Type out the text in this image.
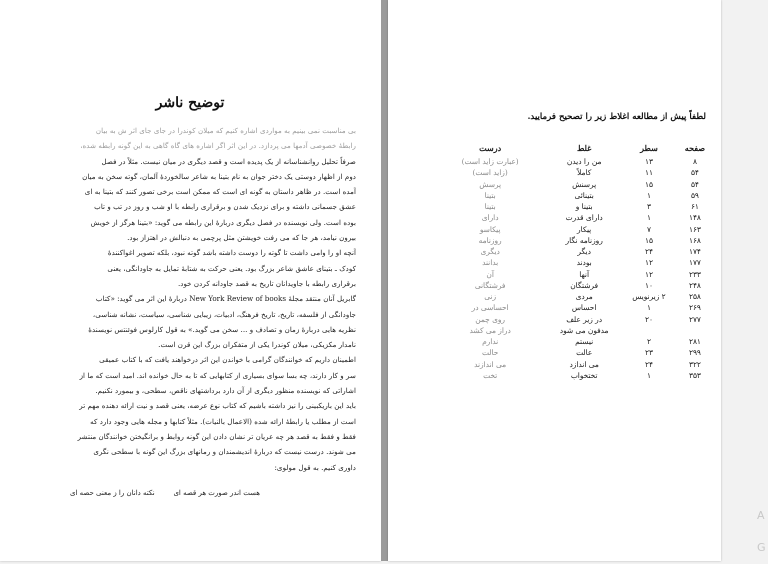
توضیح ناشر
بی مناسبت نمی بینیم به مواردی اشاره کنیم که میلان کوندرا در جای جای اثر ش به بیان
رابطهٔ خصوصی آدمها می پردازد. در این اثر اگر اشاره های گاه گاهی به این گونه رابطه شده،
صرفاً تحلیل روانشناسانه از یک پدیده است و قصد دیگری در میان نیست. مثلاً در فصل
دوم از اظهار دوستی یک دختر جوان به نام بتینا به شاعر سالخوردهٔ آلمان، گوته سخن به میان
آمده است. در ظاهر داستان به گونه ای است که ممکن است برخی تصور کنند که بتینا به ای
عشق جسمانی داشته و برای نزدیک شدن و برقراری رابطه با او شب و روز در تب و تاب
بوده است. ولی نویسنده در فصل دیگری دربارهٔ این رابطه می گوید: «بتینا هرگز از خویش
بیرون نیامد، هر جا که می رفت خویشتن مثل پرچمی به دنبالش در اهتزاز بود.
آنچه او را وامی داشت تا گوته را دوست داشته باشد گوته نبود، بلکه تصویر اغواکنندهٔ
کودک ـ بتینای عاشق شاعر بزرگ بود. یعنی حرکت به شتابهٔ تمایل به جاودانگی، یعنی
برقراری رابطه با جاویدانان تاریخ به قصد جاودانه کردن خود.
گابریل آنان منتقد مجلهٔ New York Review of books دربارهٔ این اثر می گوید: «کتاب
جاودانگی از فلسفه، تاریخ، تاریخ فرهنگ، ادبیات، زیبایی شناسی، سیاست، نشانه شناسی،
نظریه هایی دربارهٔ زمان و تصادف و ... سخن می گوید.» به قول کارلوس فوئنتس نویسندهٔ
نامدار مکزیکی، میلان کوندرا یکی از متفکران بزرگ این قرن است.
اطمینان داریم که خوانندگان گرامی با خواندن این اثر درخواهند یافت که با کتاب عمیقی
سر و کار دارند، چه بسا سوای بسیاری از کتابهایی که تا به حال خوانده اند. امید است که ما از
اشاراتی که نویسنده منظور دیگری از آن دارد برداشتهای ناقص، سطحی، و بیمورد نکنیم.
باید این باریکبینی را نیز داشته باشیم که کتاب نوع عرضه، یعنی قصد و نیت ارائه دهنده مهم تر
است از مطلب یا رابطهٔ ارائه شده (الاعمال بالنیات). مثلاً کتابها و مجله هایی وجود دارد که
فقط و فقط به قصد هر چه عریان تر نشان دادن این گونه روابط و برانگیختن خوانندگان منتشر
می شوند. درست نیست که دربارهٔ اندیشمندان و رمانهای بزرگ این گونه با سطحی نگری
داوری کنیم. به قول مولوی:
هست اندر صورت هر قصه ای
نکته دانان را ز معنی حصه ای
لطفاً پیش از مطالعه اغلاط زیر را تصحیح فرمایید.
صفحه	سطر	غلط	درست
۸	۱۳	من را دیدن	(عبارت زاید است)
۵۴	۱۱	کاملاً	(زاید است)
۵۴	۱۵	پرسنش	پرسش
۵۹	۱	بتینائی	بتینا
۶۱	۳	بتینا و	بتینا
۱۴۸	۱	دارای قدرت	دارای
۱۶۳	۷	پیکار	پیکاسو
۱۶۸	۱۵	روزنامه نگار	روزنامه
۱۷۴	۲۴	دیگر	دیگری
۱۷۷	۱۲	بودند	بدانند
۲۳۳	۱۲	آنها	آن
۲۴۸	۱۰	فرشتگان	فرشتگانی
۲۵۸	۲ زیرنویس	مردی	زنی
۲۶۹	۱	احساس	احساسی در
۲۷۷	۲۰	در زیر علف	روی چمن
		مدفون می شود	دراز می کشد
۲۸۱	۲	نیستم	ندارم
۲۹۹	۲۳	عالت	حالت
۳۲۲	۲۴	می اندازد	می اندازند
۳۵۳	۱	تختخواب	تخت
A
G
